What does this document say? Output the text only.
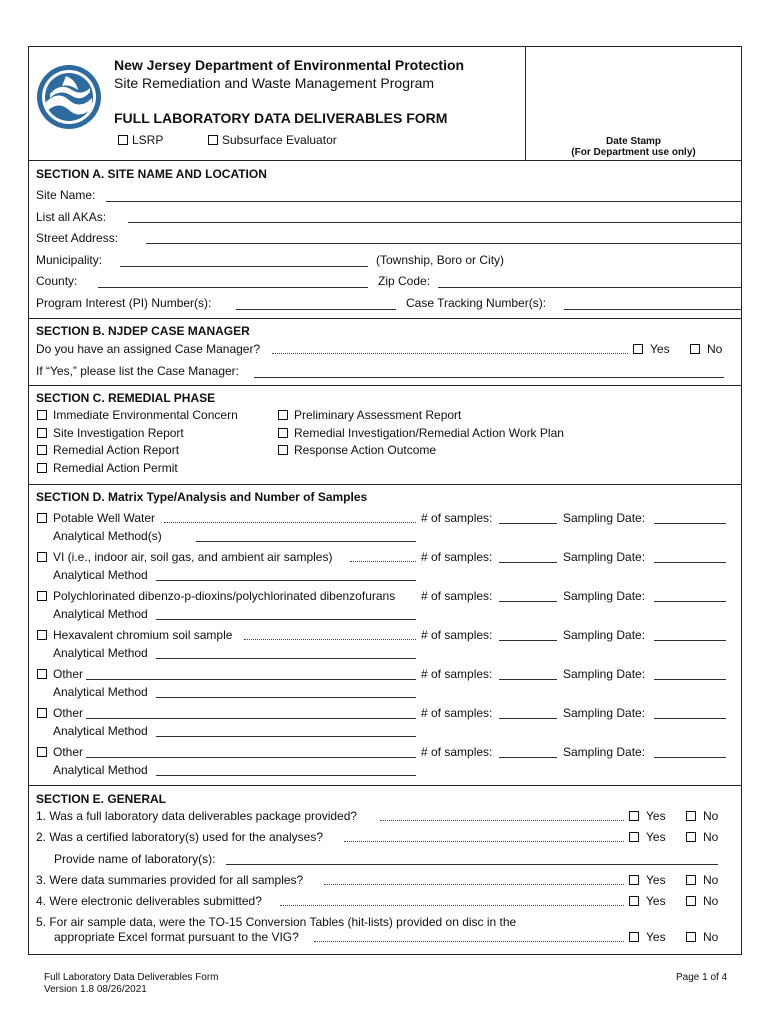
New Jersey Department of Environmental Protection
Site Remediation and Waste Management Program
FULL LABORATORY DATA DELIVERABLES FORM
LSRP	Subsurface Evaluator	Date Stamp
(For Department use only)
SECTION A. SITE NAME AND LOCATION
Site Name:
List all AKAs:
Street Address:
Municipality:	(Township, Boro or City)
County:	Zip Code:
Program Interest (PI) Number(s):	Case Tracking Number(s):
SECTION B. NJDEP CASE MANAGER
Do you have an assigned Case Manager?	Yes	No
If “Yes,” please list the Case Manager:
SECTION C. REMEDIAL PHASE
Immediate Environmental Concern
Site Investigation Report
Remedial Action Report
Remedial Action Permit
Preliminary Assessment Report
Remedial Investigation/Remedial Action Work Plan
Response Action Outcome
SECTION D. Matrix Type/Analysis and Number of Samples
Potable Well Water	# of samples:	Sampling Date:
Analytical Method(s)
VI (i.e., indoor air, soil gas, and ambient air samples)	# of samples:	Sampling Date:
Analytical Method
Polychlorinated dibenzo-p-dioxins/polychlorinated dibenzofurans # of samples:	Sampling Date:
Analytical Method
Hexavalent chromium soil sample	# of samples:	Sampling Date:
Analytical Method
Other	# of samples:	Sampling Date:
Analytical Method
Other	# of samples:	Sampling Date:
Analytical Method
Other	# of samples:	Sampling Date:
Analytical Method
SECTION E. GENERAL
1. Was a full laboratory data deliverables package provided?	Yes	No
2. Was a certified laboratory(s) used for the analyses?	Yes	No
Provide name of laboratory(s):
3. Were data summaries provided for all samples?	Yes	No
4. Were electronic deliverables submitted?	Yes	No
5. For air sample data, were the TO-15 Conversion Tables (hit-lists) provided on disc in the
appropriate Excel format pursuant to the VIG?	Yes	No
Full Laboratory Data Deliverables Form
Version 1.8 08/26/2021
Page 1 of 4
